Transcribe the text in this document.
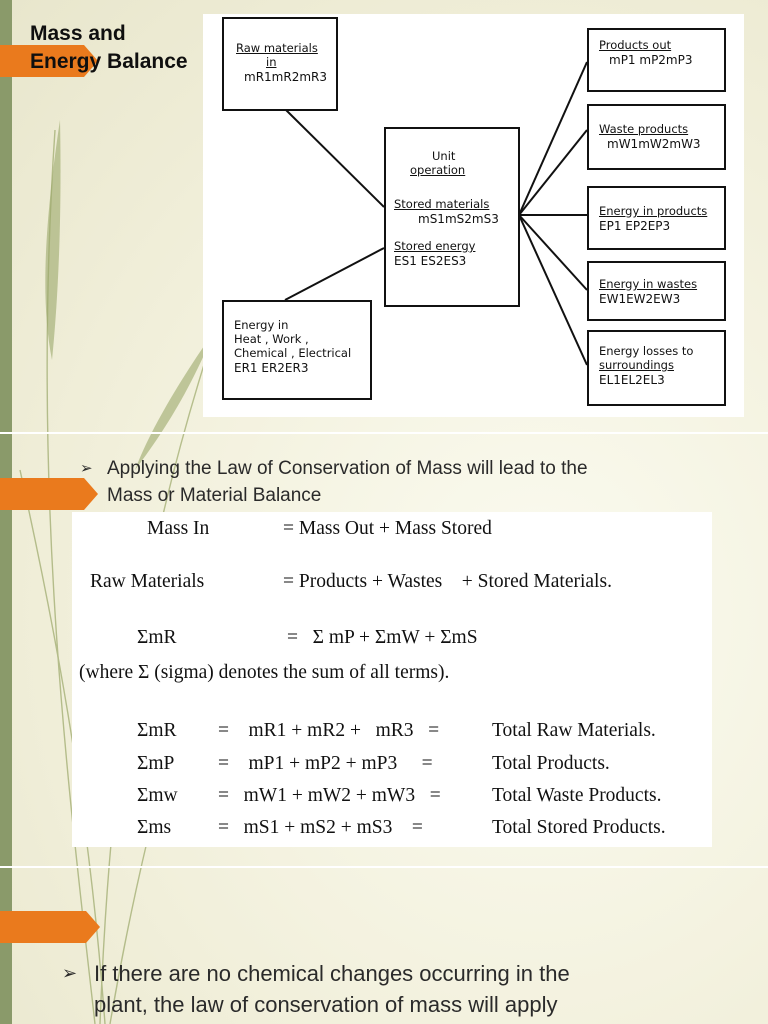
Mass and
Energy Balance
Raw materials
in
mR1mR2mR3
Unit
operation
Stored materials
mS1mS2mS3
Stored energy
ES1 ES2ES3
Energy in
Heat , Work ,
Chemical , Electrical
ER1 ER2ER3
Products out
mP1 mP2mP3
Waste products
mW1mW2mW3
Energy in products
EP1 EP2EP3
Energy in wastes
EW1EW2EW3
Energy losses to
surroundings
EL1EL2EL3
➢ Applying the Law of Conservation of Mass will lead to the
Mass or Material Balance
Mass In	= Mass Out + Mass Stored
Raw Materials	= Products + Wastes    + Stored Materials.
ΣmR	=   Σ mP + ΣmW + ΣmS
(where Σ (sigma) denotes the sum of all terms).
ΣmR =    mR1 + mR2 +   mR3   =	Total Raw Materials.
ΣmP =    mP1 + mP2 + mP3     =	Total Products.
Σmw =   mW1 + mW2 + mW3   =	Total Waste Products.
Σms =   mS1 + mS2 + mS3    =	Total Stored Products.
➢ If there are no chemical changes occurring in the
plant, the law of conservation of mass will apply
